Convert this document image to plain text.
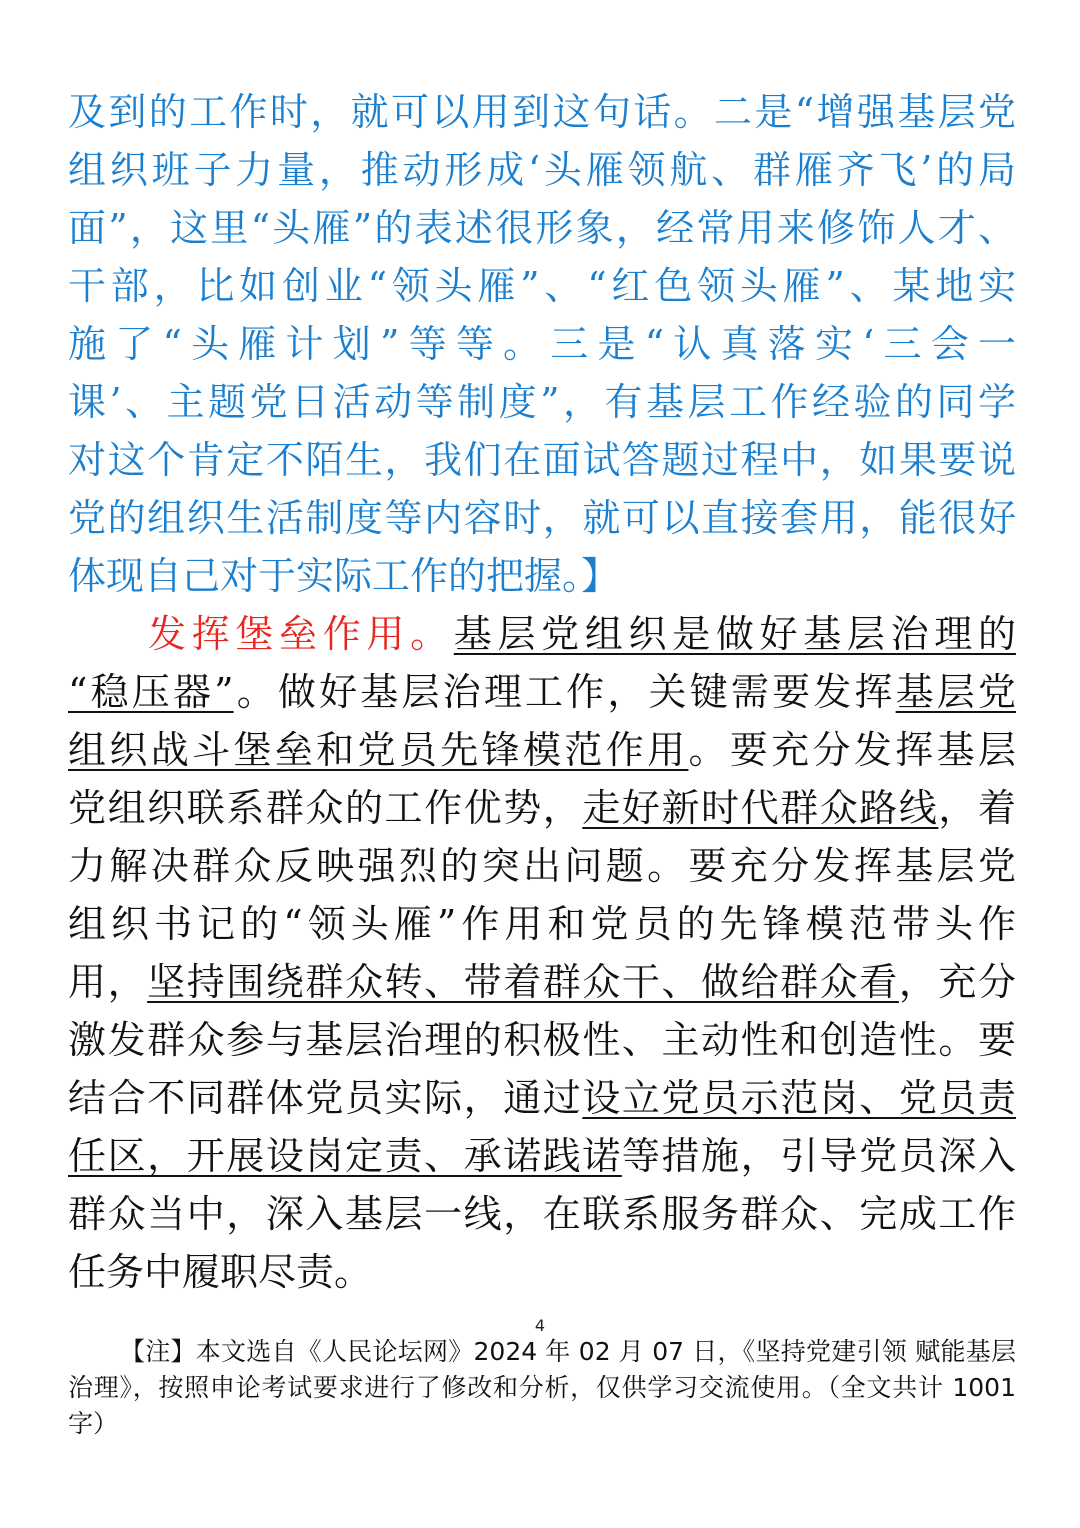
及到的工作时，就可以用到这句话。二是“增强基层党
组织班子力量，推动形成‘头雁领航、群雁齐飞’的局
面”，这里“头雁”的表述很形象，经常用来修饰人才、
干部，比如创业“领头雁”、“红色领头雁”、某地实
施了“头雁计划”等等。三是“认真落实‘三会一
课’、主题党日活动等制度”，有基层工作经验的同学
对这个肯定不陌生，我们在面试答题过程中，如果要说
党的组织生活制度等内容时，就可以直接套用，能很好
体现自己对于实际工作的把握。】
发挥堡垒作用。基层党组织是做好基层治理的
“稳压器”。做好基层治理工作，关键需要发挥基层党
组织战斗堡垒和党员先锋模范作用。要充分发挥基层
党组织联系群众的工作优势，走好新时代群众路线，着
力解决群众反映强烈的突出问题。要充分发挥基层党
组织书记的“领头雁”作用和党员的先锋模范带头作
用，坚持围绕群众转、带着群众干、做给群众看，充分
激发群众参与基层治理的积极性、主动性和创造性。要
结合不同群体党员实际，通过设立党员示范岗、党员责
任区，开展设岗定责、承诺践诺等措施，引导党员深入
群众当中，深入基层一线，在联系服务群众、完成工作
任务中履职尽责。
4
【注】本文选自《人民论坛网》2024 年 02 月 07 日，《坚持党建引领 赋能基层
治理》，按照申论考试要求进行了修改和分析，仅供学习交流使用。（全文共计 1001
字）
